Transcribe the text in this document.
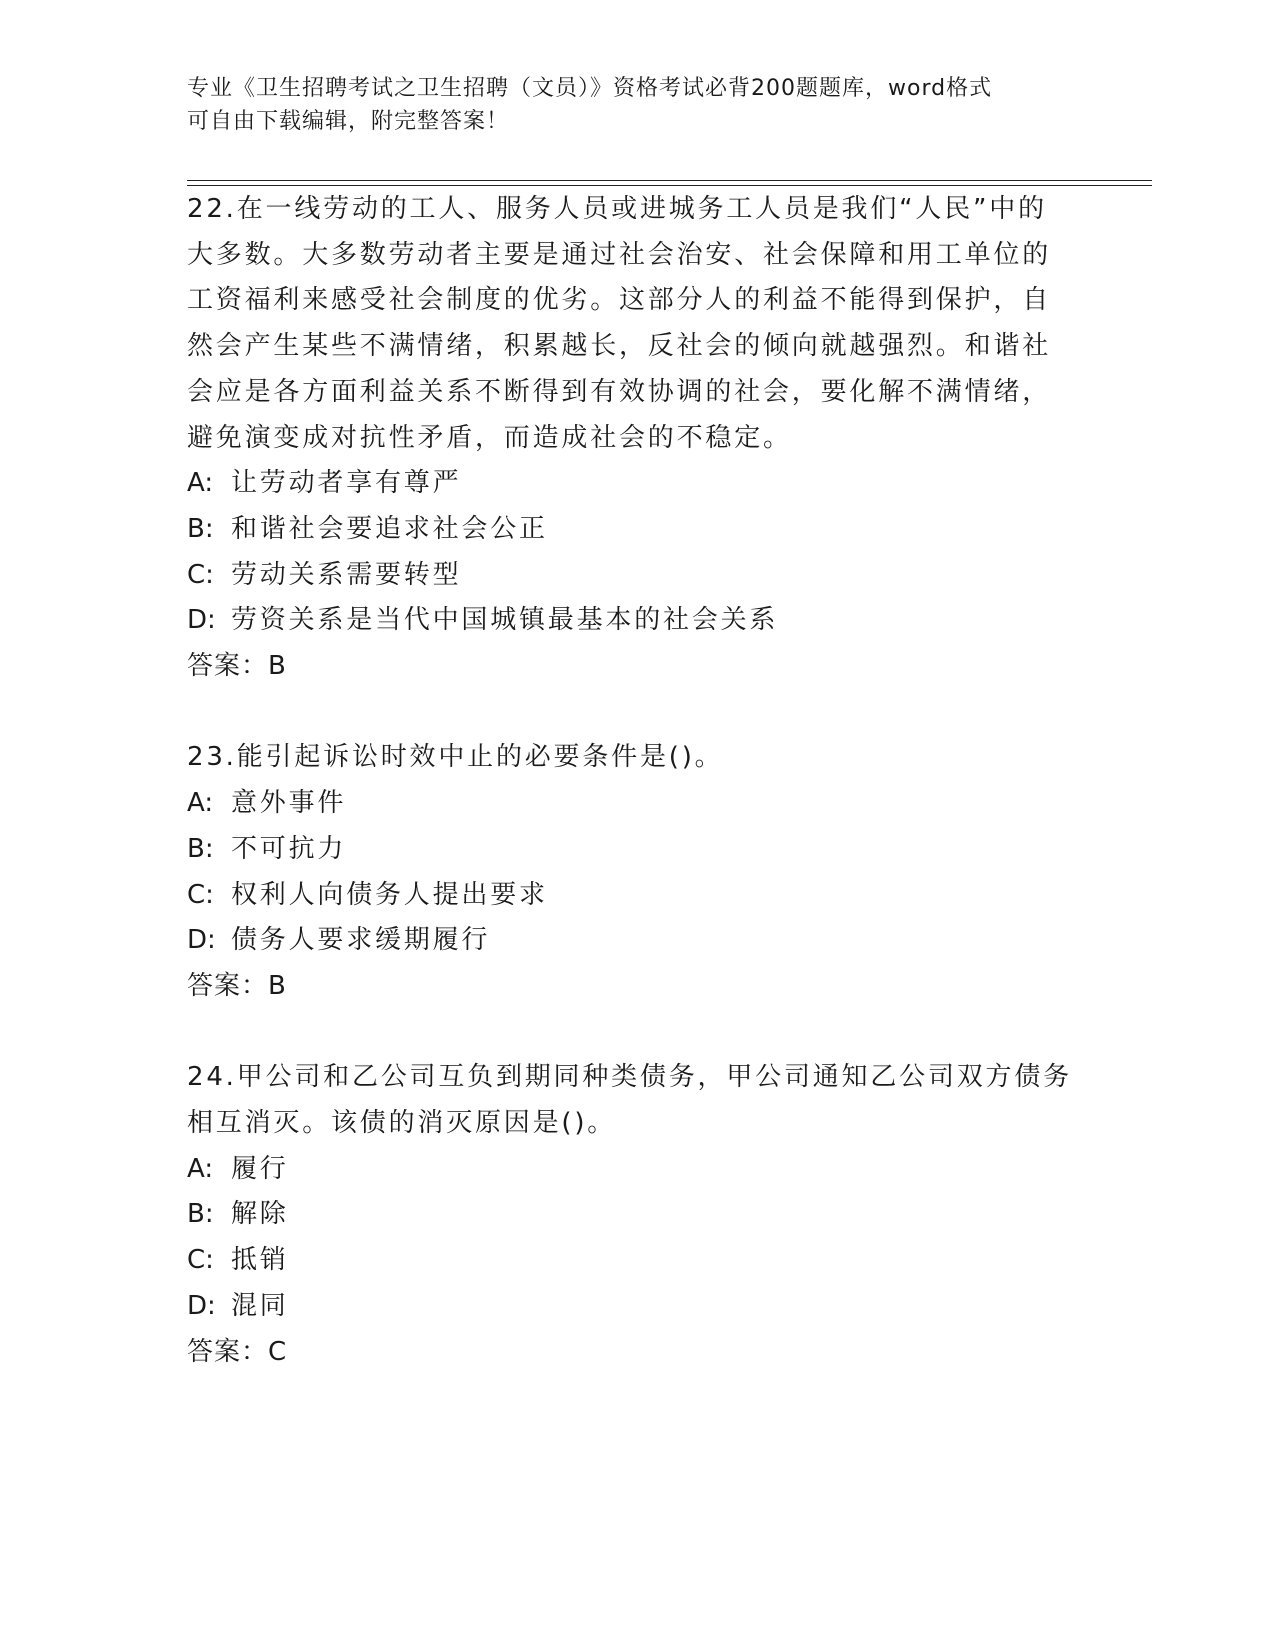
专业《卫生招聘考试之卫生招聘（文员）》资格考试必背200题题库，word格式
可自由下载编辑，附完整答案！
22.在一线劳动的工人、服务人员或进城务工人员是我们“人民”中的
大多数。大多数劳动者主要是通过社会治安、社会保障和用工单位的
工资福利来感受社会制度的优劣。这部分人的利益不能得到保护，自
然会产生某些不满情绪，积累越长，反社会的倾向就越强烈。和谐社
会应是各方面利益关系不断得到有效协调的社会，要化解不满情绪，
避免演变成对抗性矛盾，而造成社会的不稳定。
A: 让劳动者享有尊严
B: 和谐社会要追求社会公正
C: 劳动关系需要转型
D: 劳资关系是当代中国城镇最基本的社会关系
答案：B
23.能引起诉讼时效中止的必要条件是()。
A: 意外事件
B: 不可抗力
C: 权利人向债务人提出要求
D: 债务人要求缓期履行
答案：B
24.甲公司和乙公司互负到期同种类债务，甲公司通知乙公司双方债务
相互消灭。该债的消灭原因是()。
A: 履行
B: 解除
C: 抵销
D: 混同
答案：C
